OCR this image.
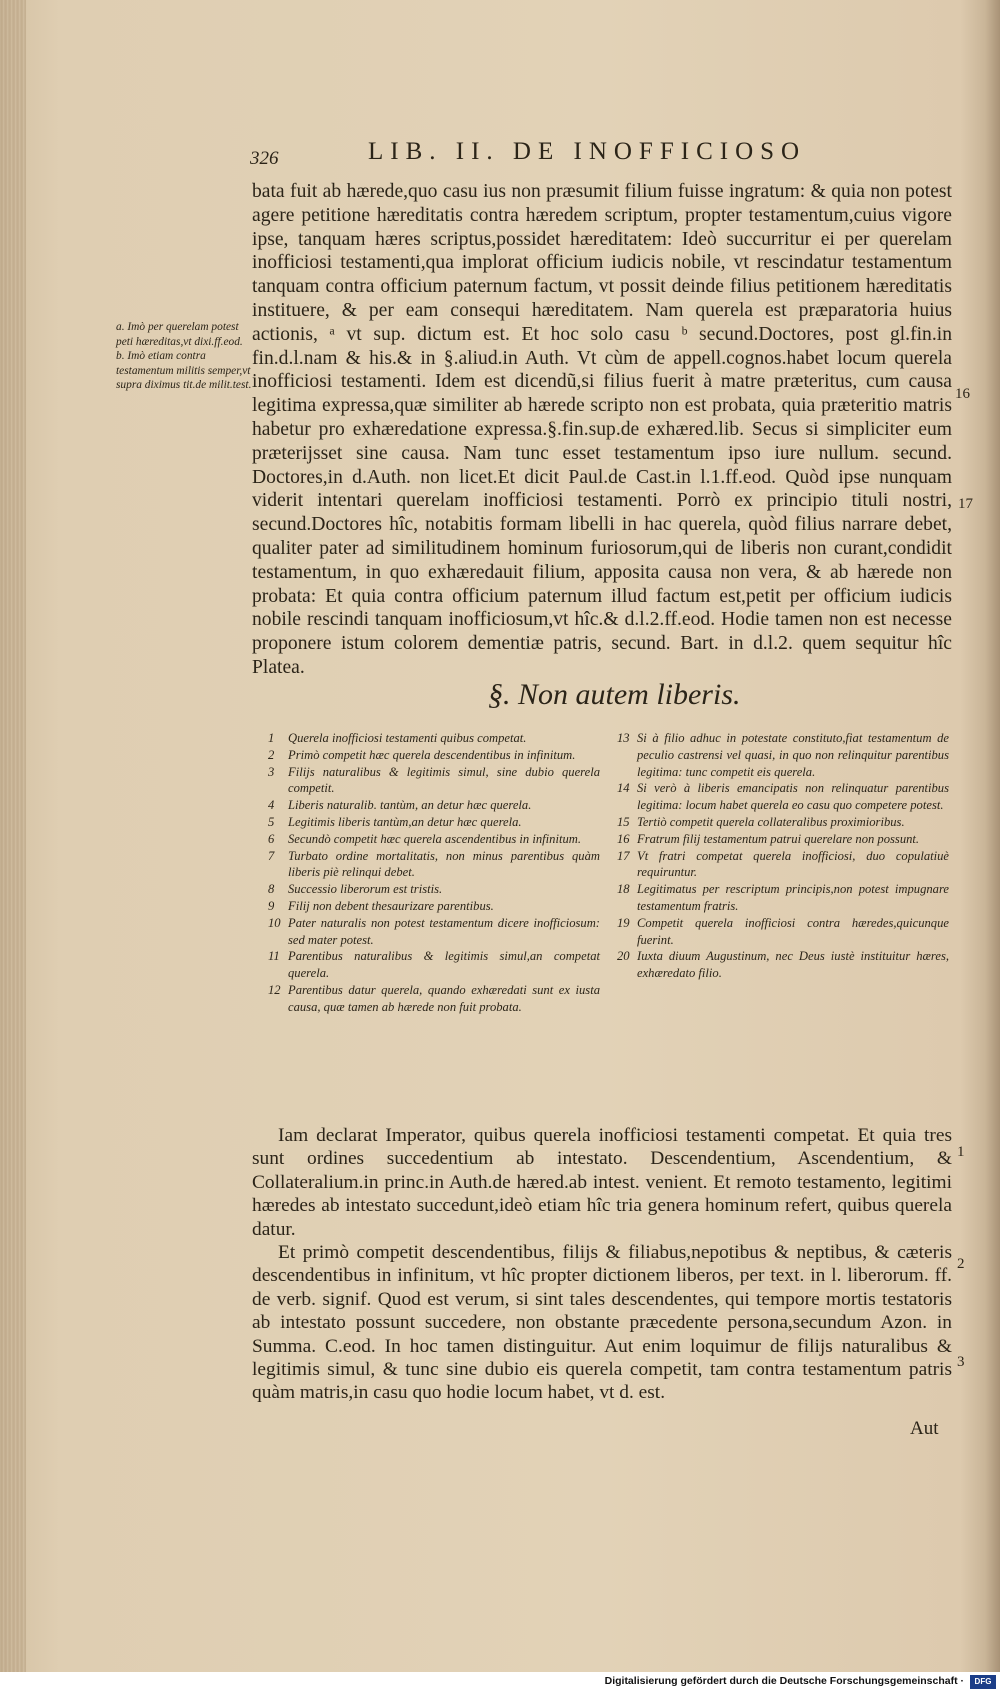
326	LIB. II. DE INOFFICIOSO

bata fuit ab hærede,quo casu ius non præsumit filium fuisse ingratum: & quia non potest agere petitione hæreditatis contra hæredem scriptum, propter testamentum,cuius vigore ipse, tanquam hæres scriptus,possidet hæreditatem: Ideò succurritur ei per querelam inofficiosi testamenti,qua implorat officium iudicis nobile, vt rescindatur testamentum tanquam contra officium paternum factum, vt possit deinde filius petitionem hæreditatis instituere, & per eam consequi hæreditatem. Nam querela est præparatoria huius actionis, ᵃ vt sup. dictum est. Et hoc solo casu ᵇ secund.Doctores, post gl.fin.in fin.d.l.nam & his.& in §.aliud.in Auth. Vt cùm de appell.cognos.habet locum querela inofficiosi testamenti. Idem est dicendũ,si filius fuerit à matre præteritus, cum causa legitima expressa,quæ similiter ab hærede scripto non est probata, quia præteritio matris habetur pro exhæredatione expressa.§.fin.sup.de exhæred.lib. Secus si simpliciter eum præterijsset sine causa. Nam tunc esset testamentum ipso iure nullum. secund. Doctores,in d.Auth. non licet.Et dicit Paul.de Cast.in l.1.ff.eod. Quòd ipse nunquam viderit intentari querelam inofficiosi testamenti. Porrò ex principio tituli nostri, secund.Doctores hîc, notabitis formam libelli in hac querela, quòd filius narrare debet, qualiter pater ad similitudinem hominum furiosorum,qui de liberis non curant,condidit testamentum, in quo exhæredauit filium, apposita causa non vera, & ab hærede non probata: Et quia contra officium paternum illud factum est,petit per officium iudicis nobile rescindi tanquam inofficiosum,vt hîc.& d.l.2.ff.eod. Hodie tamen non est necesse proponere istum colorem dementiæ patris, secund. Bart. in d.l.2. quem sequitur hîc Platea.

a. Imò per querelam potest peti hæreditas,vt dixi.ff.eod.

b. Imò etiam contra testamentum militis semper,vt supra diximus tit.de milit.test.

16
17
1
2
3
§. Non autem liberis.
1	Querela inofficiosi testamenti quibus competat.
2	Primò competit hæc querela descendentibus in infinitum.
3	Filijs naturalibus & legitimis simul, sine dubio querela competit.
4	Liberis naturalib. tantùm, an detur hæc querela.
5	Legitimis liberis tantùm,an detur hæc querela.
6	Secundò competit hæc querela ascendentibus in infinitum.
7	Turbato ordine mortalitatis, non minus parentibus quàm liberis piè relinqui debet.
8	Successio liberorum est tristis.
9	Filij non debent thesaurizare parentibus.
10 Pater naturalis non potest testamentum dicere inofficiosum: sed mater potest.
11 Parentibus naturalibus & legitimis simul,an competat querela.
12 Parentibus datur querela, quando exhæredati sunt ex iusta causa, quæ tamen ab hærede non fuit probata.
13 Si à filio adhuc in potestate constituto,fiat testamentum de peculio castrensi vel quasi, in quo non relinquitur parentibus legitima: tunc competit eis querela.
14 Si verò à liberis emancipatis non relinquatur parentibus legitima: locum habet querela eo casu quo competere potest.
15 Tertiò competit querela collateralibus proximioribus.
16 Fratrum filij testamentum patrui querelare non possunt.
17 Vt fratri competat querela inofficiosi, duo copulatiuè requiruntur.
18 Legitimatus per rescriptum principis,non potest impugnare testamentum fratris.
19 Competit querela inofficiosi contra hæredes,quicunque fuerint.
20 Iuxta diuum Augustinum, nec Deus iustè instituitur hæres, exhæredato filio.

Iam declarat Imperator, quibus querela inofficiosi testamenti competat. Et quia tres sunt ordines succedentium ab intestato. Descendentium, Ascendentium, & Collateralium.in princ.in Auth.de hæred.ab intest. venient. Et remoto testamento, legitimi hæredes ab intestato succedunt,ideò etiam hîc tria genera hominum refert, quibus querela datur.

Et primò competit descendentibus, filijs & filiabus,nepotibus & neptibus, & cæteris descendentibus in infinitum, vt hîc propter dictionem liberos, per text. in l. liberorum. ff. de verb. signif. Quod est verum, si sint tales descendentes, qui tempore mortis testatoris ab intestato possunt succedere, non obstante præcedente persona,secundum Azon. in Summa. C.eod. In hoc tamen distinguitur. Aut enim loquimur de filijs naturalibus & legitimis simul, & tunc sine dubio eis querela competit, tam contra testamentum patris quàm matris,in casu quo hodie locum habet, vt d. est.

Aut
Digitalisierung gefördert durch die Deutsche Forschungsgemeinschaft ·	DFG
